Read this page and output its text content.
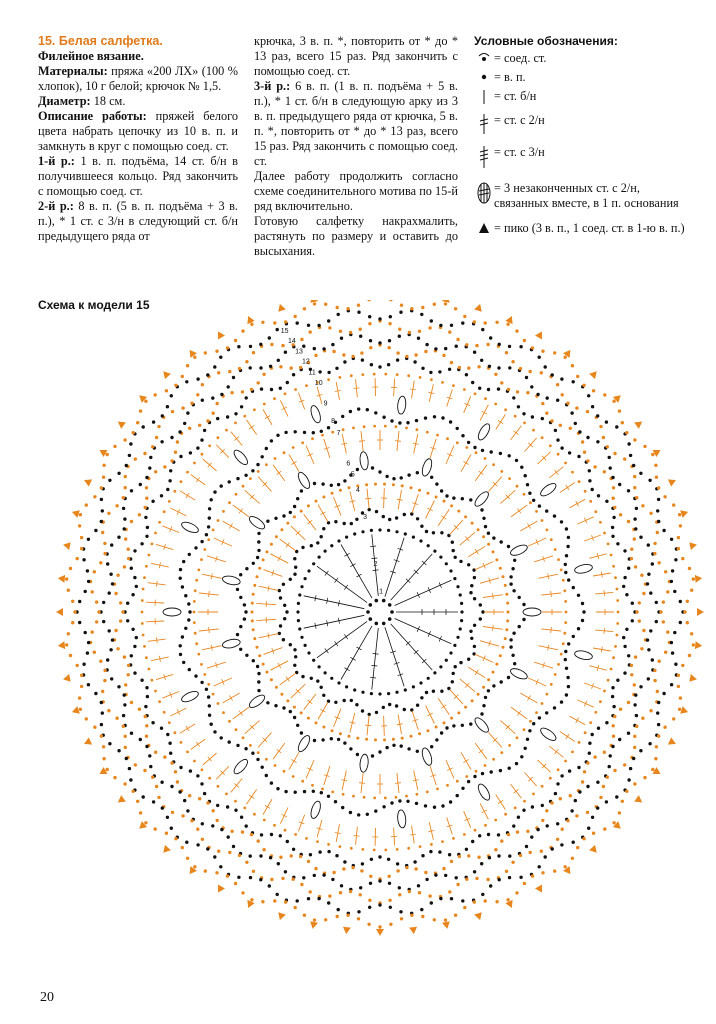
15. Белая салфетка.

Филейное вязание.

Материалы: пряжа «200 ЛХ» (100 % хлопок), 10 г белой; крючок № 1,5.

Диаметр: 18 см.

Описание работы: пряжей белого цвета набрать цепочку из 10 в. п. и замкнуть в круг с помощью соед. ст.

1-й р.: 1 в. п. подъёма, 14 ст. б/н в получившееся кольцо. Ряд закончить с помощью соед. ст.

2-й р.: 8 в. п. (5 в. п. подъёма + 3 в. п.), * 1 ст. с 3/н в следующий ст. б/н предыдущего ряда от

крючка, 3 в. п. *, повторить от * до * 13 раз, всего 15 раз. Ряд закончить с помощью соед. ст.

3-й р.: 6 в. п. (1 в. п. подъёма + 5 в. п.), * 1 ст. б/н в следующую арку из 3 в. п. предыдущего ряда от крючка, 5 в. п. *, повторить от * до * 13 раз, всего 15 раз. Ряд закончить с помощью соед. ст.

Далее работу продолжить согласно схеме соединительного мотива по 15-й ряд включительно.

Готовую салфетку накрахмалить, растянуть по размеру и оставить до высыхания.

Условные обозначения:
= соед. ст.
= в. п.
= ст. б/н
= ст. с 2/н
= ст. с 3/н
= 3 незаконченных ст. с 2/н, связанных вместе, в 1 п. основания
= пико (3 в. п., 1 соед. ст. в 1-ю в. п.)
Схема к модели 15
1
2
3
4
5
6
7
8
9
10
11
12
13
14
15
20
